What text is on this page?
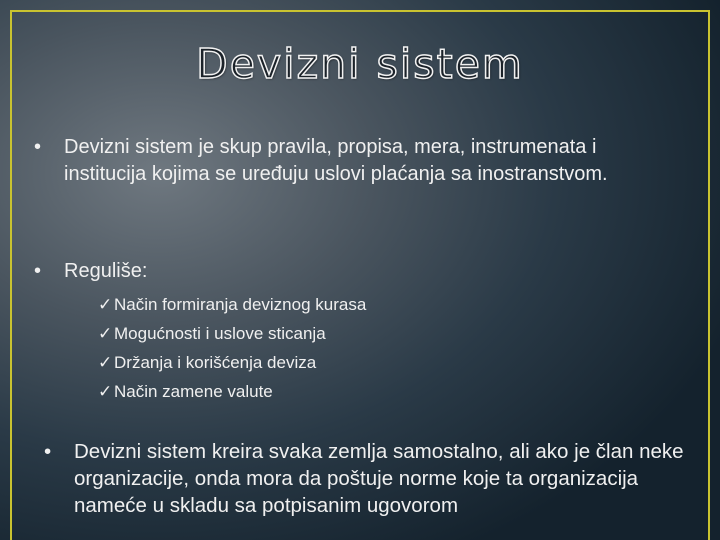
Devizni sistem
•	Devizni sistem je skup pravila, propisa, mera, instrumenata i institucija kojima se uređuju uslovi plaćanja sa inostranstvom.
•	Reguliše:
✓ Način formiranja deviznog kurasa
✓ Mogućnosti i uslove sticanja
✓ Držanja i korišćenja deviza
✓ Način zamene valute
•	Devizni sistem kreira svaka zemlja samostalno, ali ako je član neke organizacije, onda mora da poštuje norme koje ta organizacija nameće u skladu sa potpisanim ugovorom
